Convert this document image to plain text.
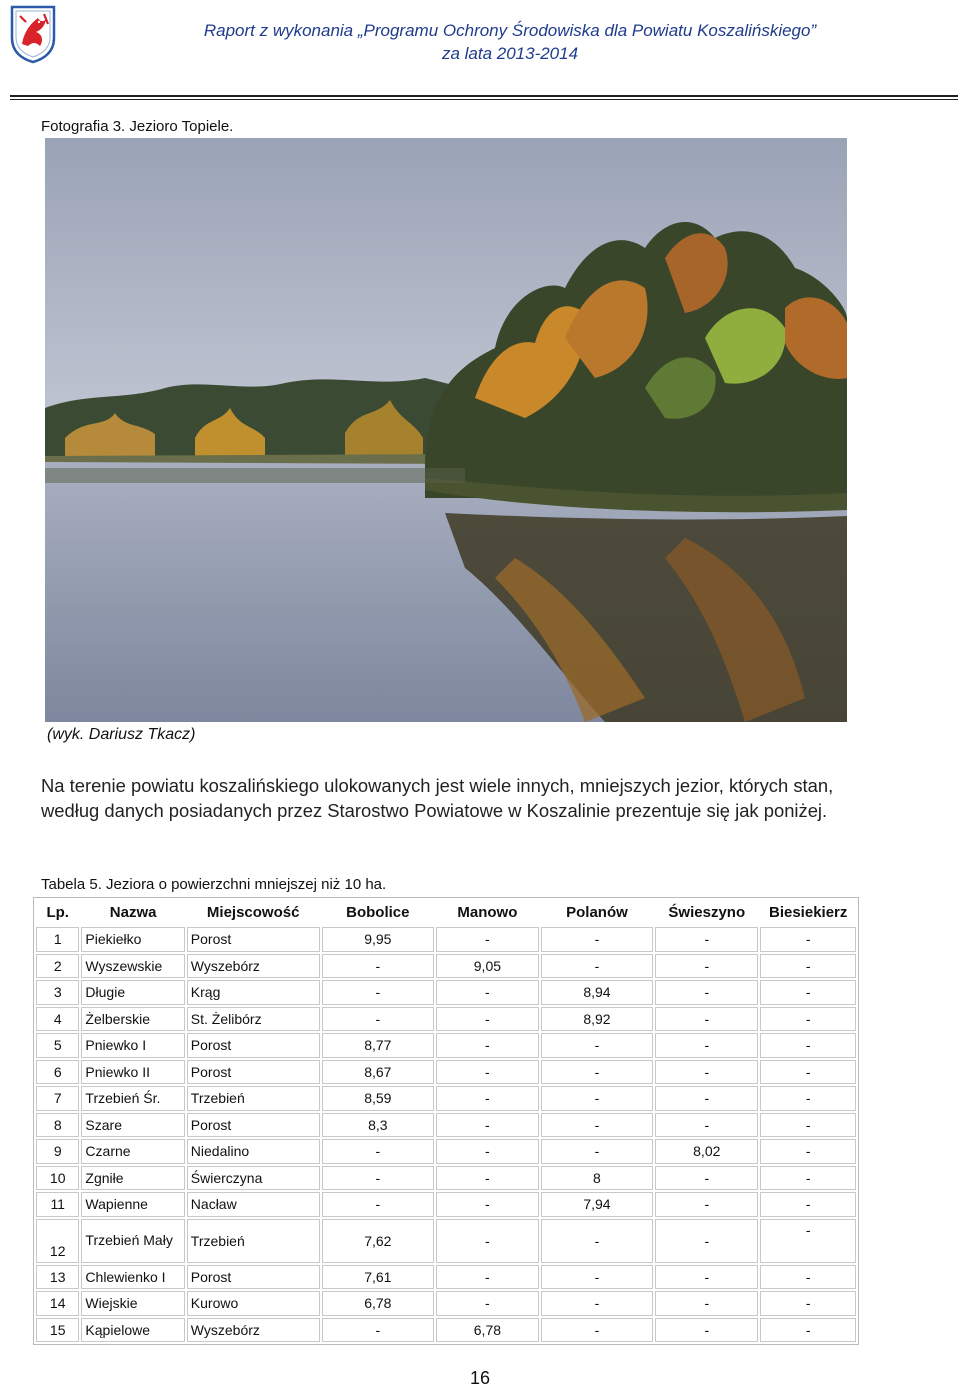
Raport z wykonania „Programu Ochrony Środowiska dla Powiatu Koszalińskiego”
za lata 2013-2014
Fotografia 3. Jezioro Topiele.
(wyk. Dariusz Tkacz)

Na terenie powiatu koszalińskiego ulokowanych jest wiele innych, mniejszych jezior, których stan, według danych posiadanych przez Starostwo Powiatowe w Koszalinie prezentuje się jak poniżej.

Tabela 5. Jeziora o powierzchni mniejszej niż 10 ha.
Lp.	Nazwa	Miejscowość	Bobolice	Manowo	Polanów	Świeszyno	Biesiekierz
1	Piekiełko	Porost	9,95	-	-	-	-
2	Wyszewskie	Wyszebórz	-	9,05	-	-	-
3	Długie	Krąg	-	-	8,94	-	-
4	Żelberskie	St. Żelibórz	-	-	8,92	-	-
5	Pniewko I	Porost	8,77	-	-	-	-
6	Pniewko II	Porost	8,67	-	-	-	-
7	Trzebień Śr.	Trzebień	8,59	-	-	-	-
8	Szare	Porost	8,3	-	-	-	-
9	Czarne	Niedalino	-	-	-	8,02	-
10	Zgniłe	Świerczyna	-	-	8	-	-
11	Wapienne	Nacław	-	-	7,94	-	-
12	Trzebień Mały	Trzebień	7,62	-	-	-	-
13	Chlewienko I	Porost	7,61	-	-	-	-
14	Wiejskie	Kurowo	6,78	-	-	-	-
15	Kąpielowe	Wyszebórz	-	6,78	-	-	-
16
